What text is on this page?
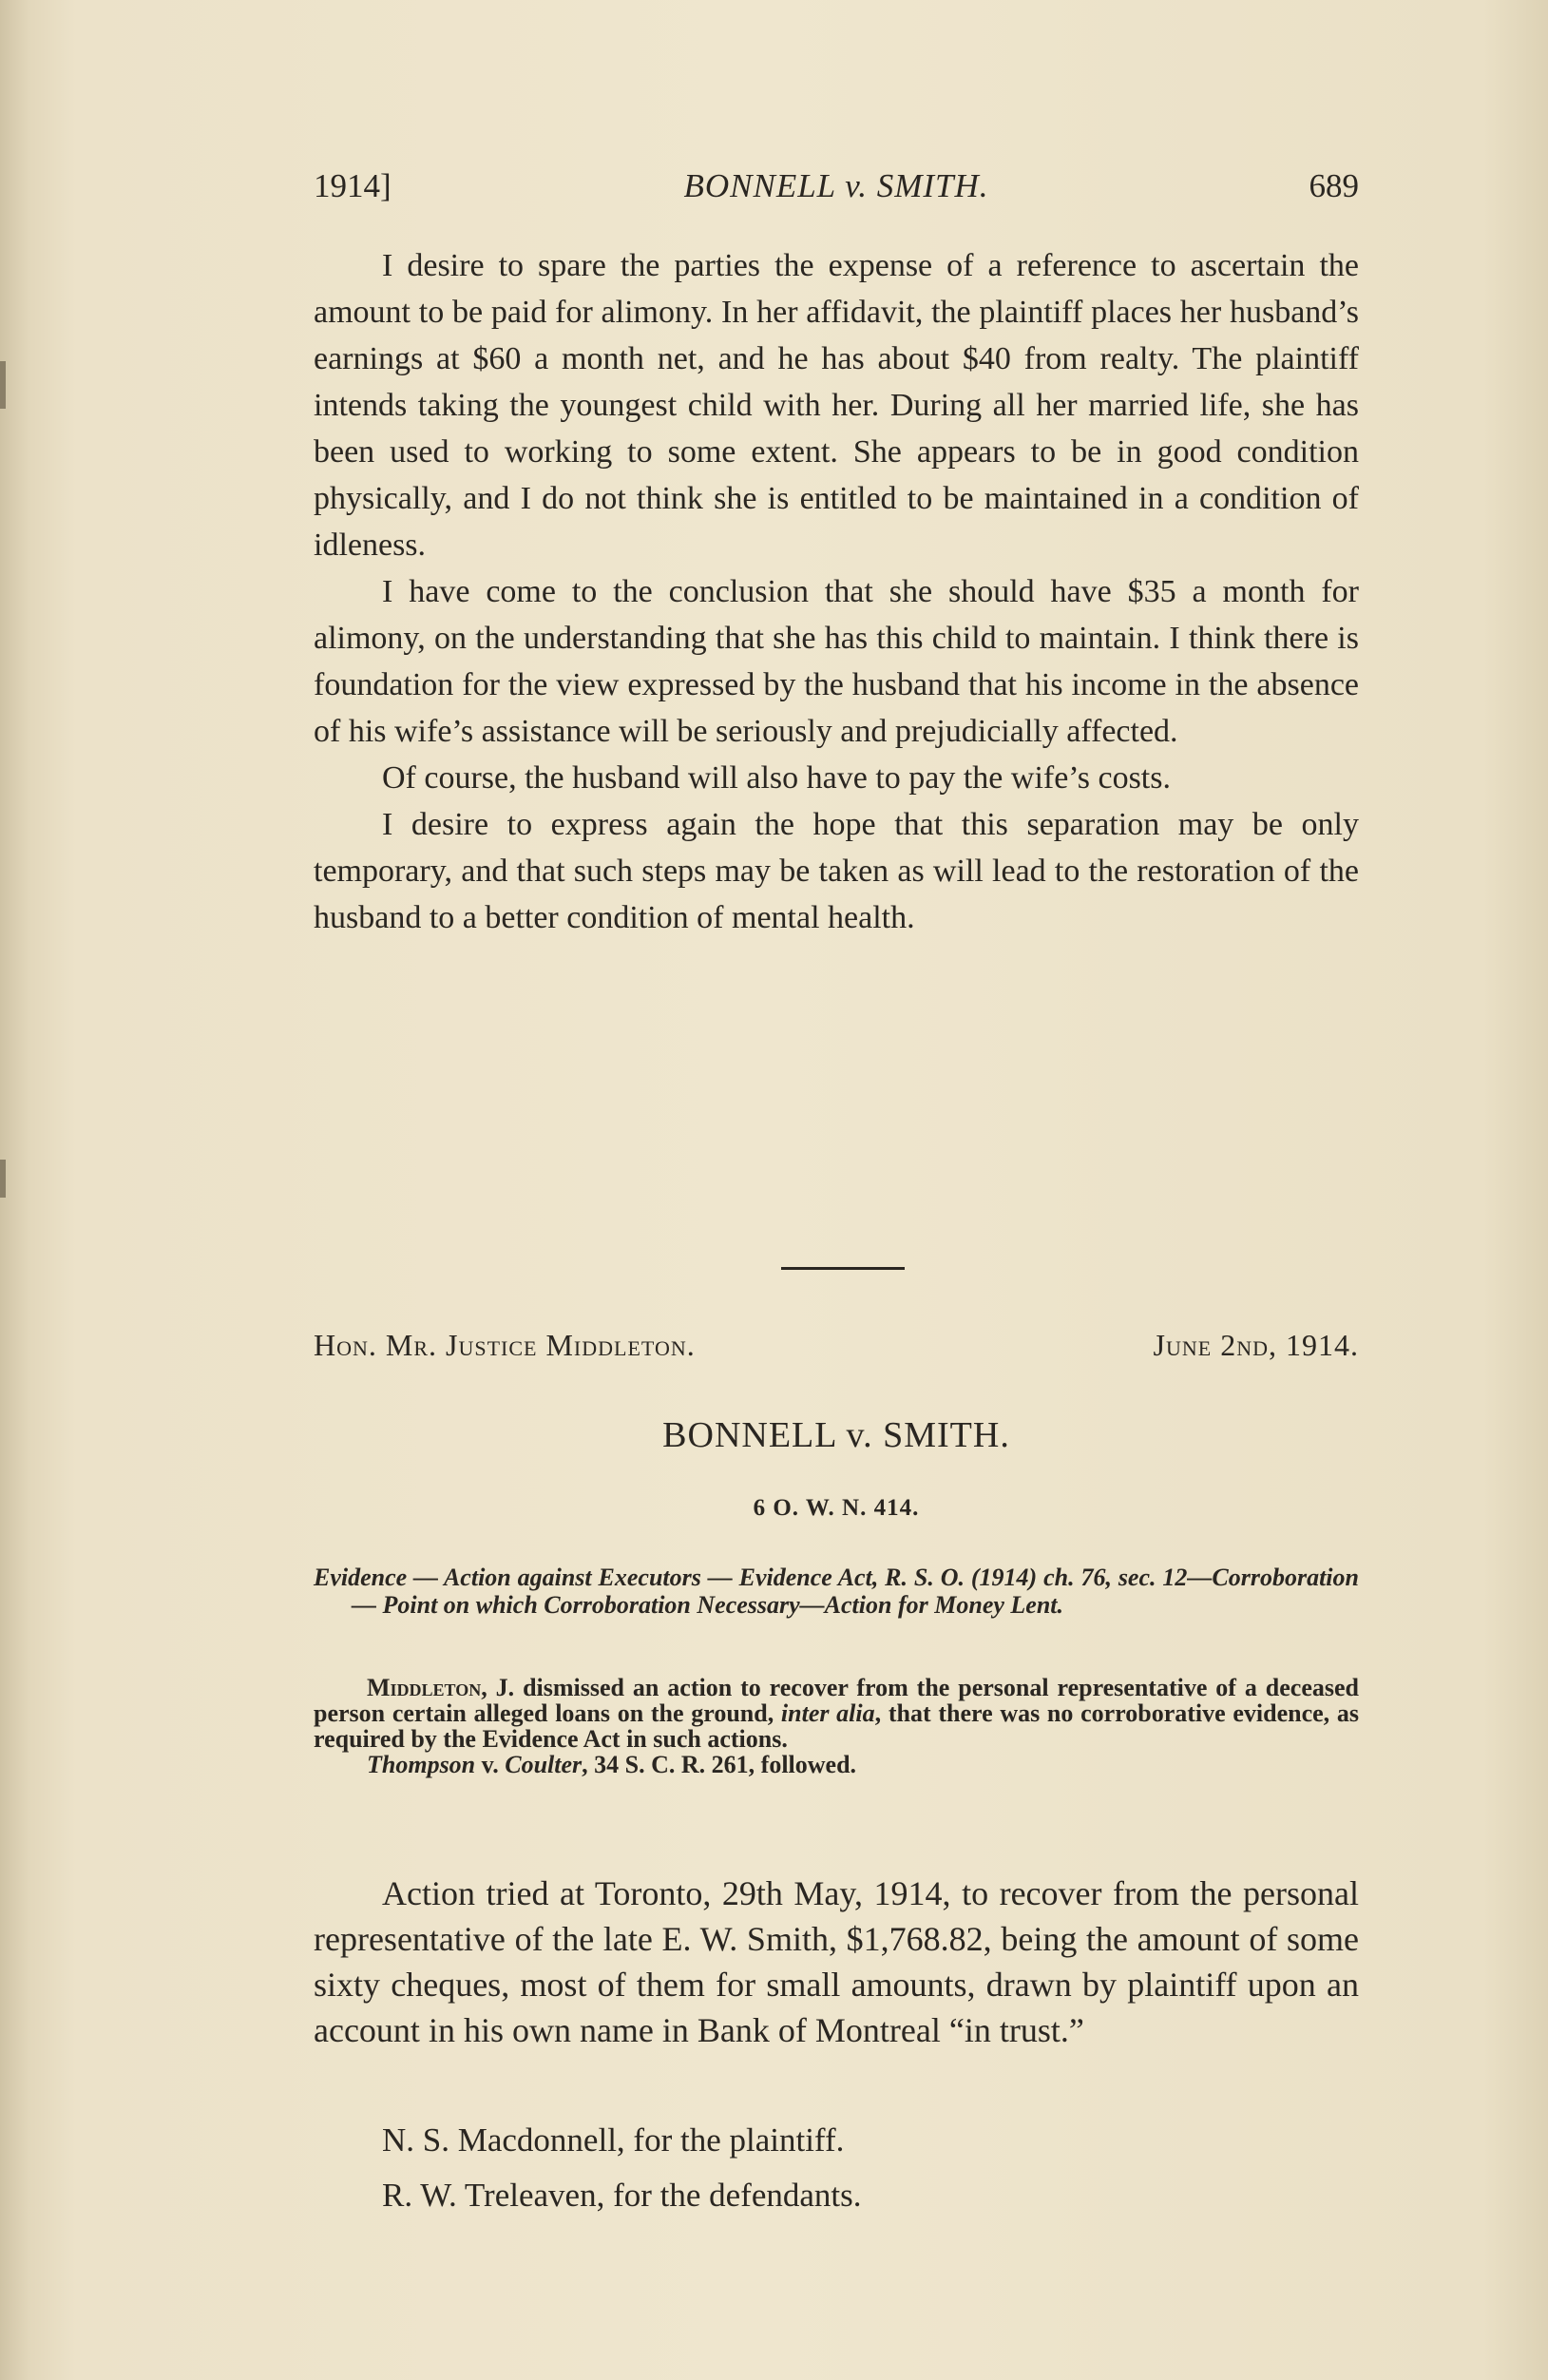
1914]	BONNELL v. SMITH.	689

I desire to spare the parties the expense of a reference to ascertain the amount to be paid for alimony. In her affidavit, the plaintiff places her husband’s earnings at $60 a month net, and he has about $40 from realty. The plaintiff intends taking the youngest child with her. During all her married life, she has been used to working to some extent. She appears to be in good condition physically, and I do not think she is entitled to be maintained in a condition of idleness.

I have come to the conclusion that she should have $35 a month for alimony, on the understanding that she has this child to maintain. I think there is foundation for the view expressed by the husband that his income in the absence of his wife’s assistance will be seriously and prejudicially affected.

Of course, the husband will also have to pay the wife’s costs.

I desire to express again the hope that this separation may be only temporary, and that such steps may be taken as will lead to the restoration of the husband to a better condition of mental health.

Hon. Mr. Justice Middleton.	June 2nd, 1914.
BONNELL v. SMITH.
6 O. W. N. 414.
Evidence — Action against Executors — Evidence Act, R. S. O. (1914) ch. 76, sec. 12—Corroboration — Point on which Corroboration Necessary—Action for Money Lent.

Middleton, J. dismissed an action to recover from the personal representative of a deceased person certain alleged loans on the ground, inter alia, that there was no corroborative evidence, as required by the Evidence Act in such actions.

Thompson v. Coulter, 34 S. C. R. 261, followed.

Action tried at Toronto, 29th May, 1914, to recover from the personal representative of the late E. W. Smith, $1,768.82, being the amount of some sixty cheques, most of them for small amounts, drawn by plaintiff upon an account in his own name in Bank of Montreal “in trust.”

N. S. Macdonnell, for the plaintiff.
R. W. Treleaven, for the defendants.
